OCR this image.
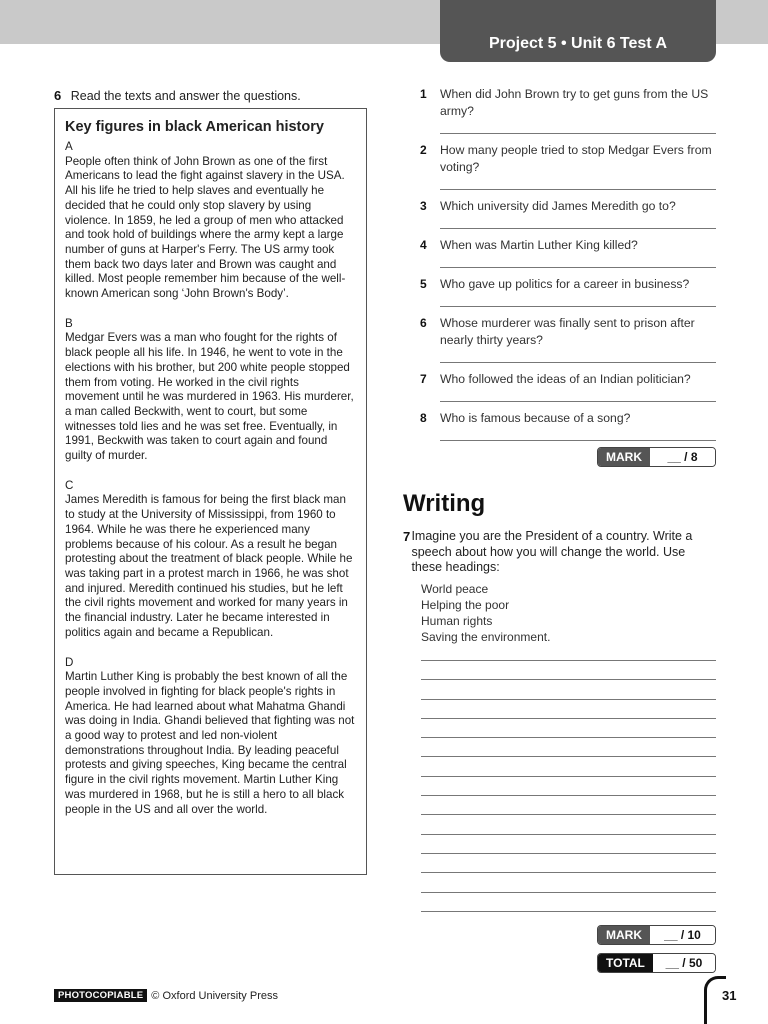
Project 5 • Unit 6 Test A
6 Read the texts and answer the questions.
Key figures in black American history
A
People often think of John Brown as one of the first Americans to lead the fight against slavery in the USA. All his life he tried to help slaves and eventually he decided that he could only stop slavery by using violence. In 1859, he led a group of men who attacked and took hold of buildings where the army kept a large number of guns at Harper's Ferry. The US army took them back two days later and Brown was caught and killed. Most people remember him because of the well-known American song ‘John Brown's Body’.
B
Medgar Evers was a man who fought for the rights of black people all his life. In 1946, he went to vote in the elections with his brother, but 200 white people stopped them from voting. He worked in the civil rights movement until he was murdered in 1963. His murderer, a man called Beckwith, went to court, but some witnesses told lies and he was set free. Eventually, in 1991, Beckwith was taken to court again and found guilty of murder.
C
James Meredith is famous for being the first black man to study at the University of Mississippi, from 1960 to 1964. While he was there he experienced many problems because of his colour. As a result he began protesting about the treatment of black people. While he was taking part in a protest march in 1966, he was shot and injured. Meredith continued his studies, but he left the civil rights movement and worked for many years in the financial industry. Later he became interested in politics again and became a Republican.
D
Martin Luther King is probably the best known of all the people involved in fighting for black people's rights in America. He had learned about what Mahatma Ghandi was doing in India. Ghandi believed that fighting was not a good way to protest and led non-violent demonstrations throughout India. By leading peaceful protests and giving speeches, King became the central figure in the civil rights movement. Martin Luther King was murdered in 1968, but he is still a hero to all black people in the US and all over the world.
1	When did John Brown try to get guns from the US army?
2	How many people tried to stop Medgar Evers from voting?
3	Which university did James Meredith go to?
4	When was Martin Luther King killed?
5	Who gave up politics for a career in business?
6	Whose murderer was finally sent to prison after nearly thirty years?
7	Who followed the ideas of an Indian politician?
8	Who is famous because of a song?
MARK	__ / 8
Writing
7 Imagine you are the President of a country. Write a speech about how you will change the world. Use these headings:
World peace
Helping the poor
Human rights
Saving the environment.
MARK	__ / 10
TOTAL	__ / 50
PHOTOCOPIABLE © Oxford University Press	31
